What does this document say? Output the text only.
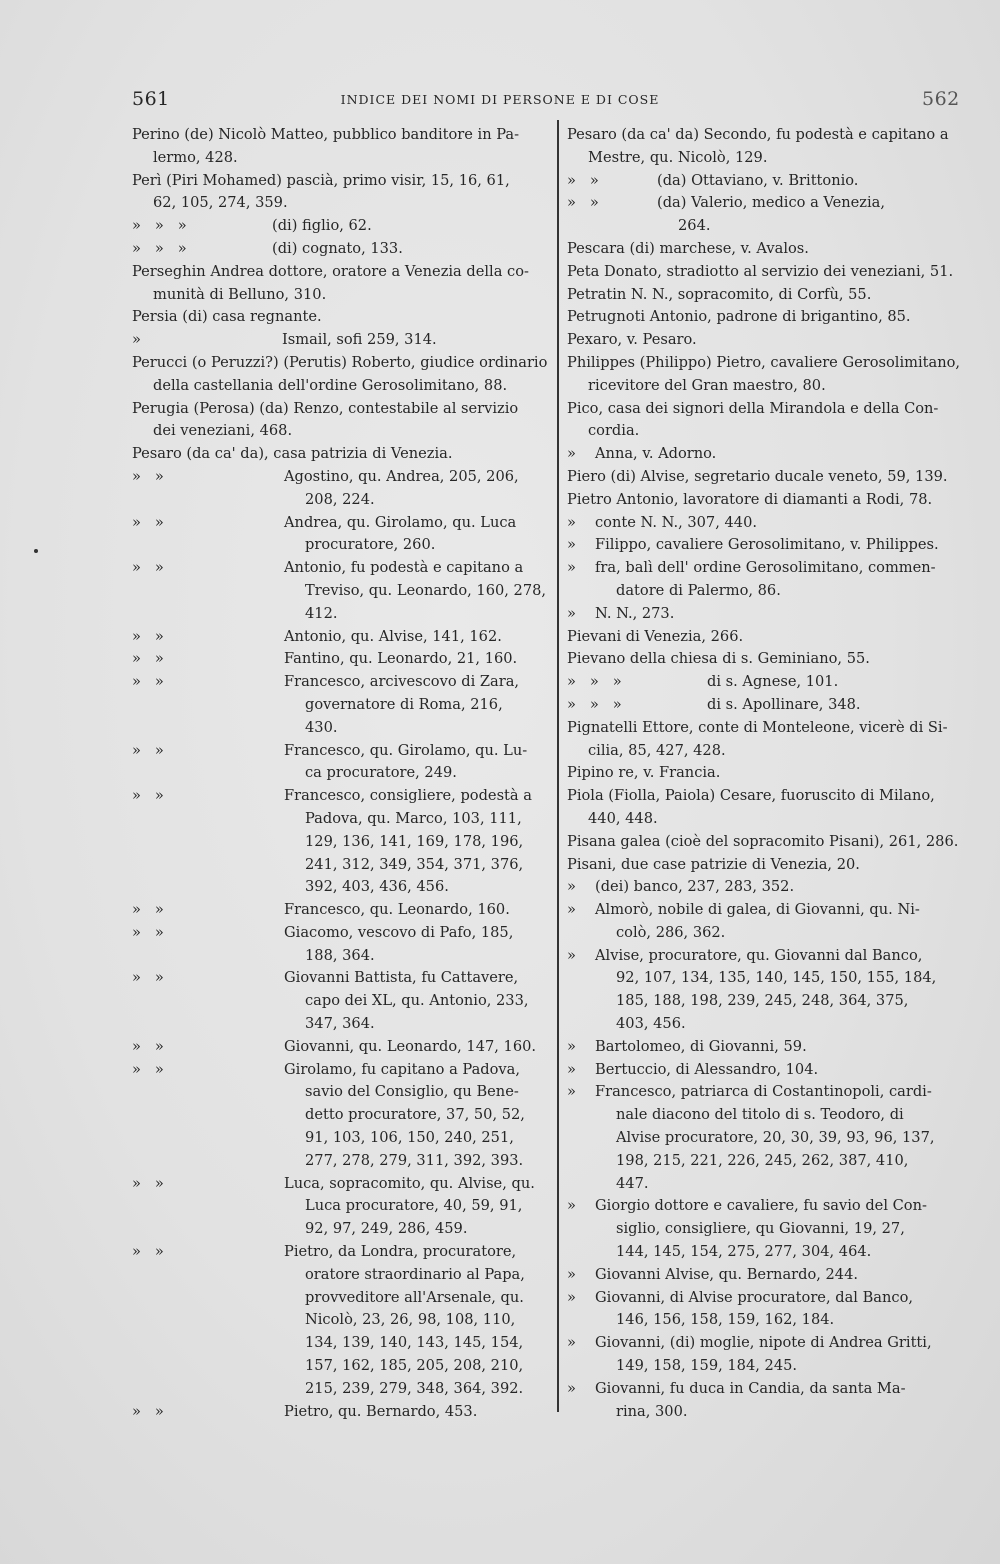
561	INDICE DEI NOMI DI PERSONE E DI COSE	562
Perino (de) Nicolò Matteo, pubblico banditore in Pa-
lermo, 428.
Perì (Piri Mohamed) pascià, primo visir, 15, 16, 61,
62, 105, 274, 359.
»   »   »	(di) figlio, 62.
»   »   »	(di) cognato, 133.
Perseghin Andrea dottore, oratore a Venezia della co-
munità di Belluno, 310.
Persia (di) casa regnante.
»	Ismail, sofi 259, 314.
Perucci (o Peruzzi?) (Perutis) Roberto, giudice ordinario
della castellania dell'ordine Gerosolimitano, 88.
Perugia (Perosa) (da) Renzo, contestabile al servizio
dei veneziani, 468.
Pesaro (da ca' da), casa patrizia di Venezia.
»   »	Agostino, qu. Andrea, 205, 206,
208, 224.
»   »	Andrea, qu. Girolamo, qu. Luca
procuratore, 260.
»   »	Antonio, fu podestà e capitano a
Treviso, qu. Leonardo, 160, 278,
412.
»   »	Antonio, qu. Alvise, 141, 162.
»   »	Fantino, qu. Leonardo, 21, 160.
»   »	Francesco, arcivescovo di Zara,
governatore di Roma, 216,
430.
»   »	Francesco, qu. Girolamo, qu. Lu-
ca procuratore, 249.
»   »	Francesco, consigliere, podestà a
Padova, qu. Marco, 103, 111,
129, 136, 141, 169, 178, 196,
241, 312, 349, 354, 371, 376,
392, 403, 436, 456.
»   »	Francesco, qu. Leonardo, 160.
»   »	Giacomo, vescovo di Pafo, 185,
188, 364.
»   »	Giovanni Battista, fu Cattavere,
capo dei XL, qu. Antonio, 233,
347, 364.
»   »	Giovanni, qu. Leonardo, 147, 160.
»   »	Girolamo, fu capitano a Padova,
savio del Consiglio, qu Bene-
detto procuratore, 37, 50, 52,
91, 103, 106, 150, 240, 251,
277, 278, 279, 311, 392, 393.
»   »	Luca, sopracomito, qu. Alvise, qu.
Luca procuratore, 40, 59, 91,
92, 97, 249, 286, 459.
»   »	Pietro, da Londra, procuratore,
oratore straordinario al Papa,
provveditore all'Arsenale, qu.
Nicolò, 23, 26, 98, 108, 110,
134, 139, 140, 143, 145, 154,
157, 162, 185, 205, 208, 210,
215, 239, 279, 348, 364, 392.
»   »	Pietro, qu. Bernardo, 453.
Pesaro (da ca' da) Secondo, fu podestà e capitano a
Mestre, qu. Nicolò, 129.
»   »	(da) Ottaviano, v. Brittonio.
»   »	(da) Valerio, medico a Venezia,
264.
Pescara (di) marchese, v. Avalos.
Peta Donato, stradiotto al servizio dei veneziani, 51.
Petratin N. N., sopracomito, di Corfù, 55.
Petrugnoti Antonio, padrone di brigantino, 85.
Pexaro, v. Pesaro.
Philippes (Philippo) Pietro, cavaliere Gerosolimitano,
ricevitore del Gran maestro, 80.
Pico, casa dei signori della Mirandola e della Con-
cordia.
»	Anna, v. Adorno.
Piero (di) Alvise, segretario ducale veneto, 59, 139.
Pietro Antonio, lavoratore di diamanti a Rodi, 78.
»	conte N. N., 307, 440.
»	Filippo, cavaliere Gerosolimitano, v. Philippes.
»	fra, balì dell' ordine Gerosolimitano, commen-
datore di Palermo, 86.
»	N. N., 273.
Pievani di Venezia, 266.
Pievano della chiesa di s. Geminiano, 55.
»   »   »	di s. Agnese, 101.
»   »   »	di s. Apollinare, 348.
Pignatelli Ettore, conte di Monteleone, vicerè di Si-
cilia, 85, 427, 428.
Pipino re, v. Francia.
Piola (Fiolla, Paiola) Cesare, fuoruscito di Milano,
440, 448.
Pisana galea (cioè del sopracomito Pisani), 261, 286.
Pisani, due case patrizie di Venezia, 20.
»	(dei) banco, 237, 283, 352.
»	Almorò, nobile di galea, di Giovanni, qu. Ni-
colò, 286, 362.
»	Alvise, procuratore, qu. Giovanni dal Banco,
92, 107, 134, 135, 140, 145, 150, 155, 184,
185, 188, 198, 239, 245, 248, 364, 375,
403, 456.
»	Bartolomeo, di Giovanni, 59.
»	Bertuccio, di Alessandro, 104.
»	Francesco, patriarca di Costantinopoli, cardi-
nale diacono del titolo di s. Teodoro, di
Alvise procuratore, 20, 30, 39, 93, 96, 137,
198, 215, 221, 226, 245, 262, 387, 410,
447.
»	Giorgio dottore e cavaliere, fu savio del Con-
siglio, consigliere, qu Giovanni, 19, 27,
144, 145, 154, 275, 277, 304, 464.
»	Giovanni Alvise, qu. Bernardo, 244.
»	Giovanni, di Alvise procuratore, dal Banco,
146, 156, 158, 159, 162, 184.
»	Giovanni, (di) moglie, nipote di Andrea Gritti,
149, 158, 159, 184, 245.
»	Giovanni, fu duca in Candia, da santa Ma-
rina, 300.
